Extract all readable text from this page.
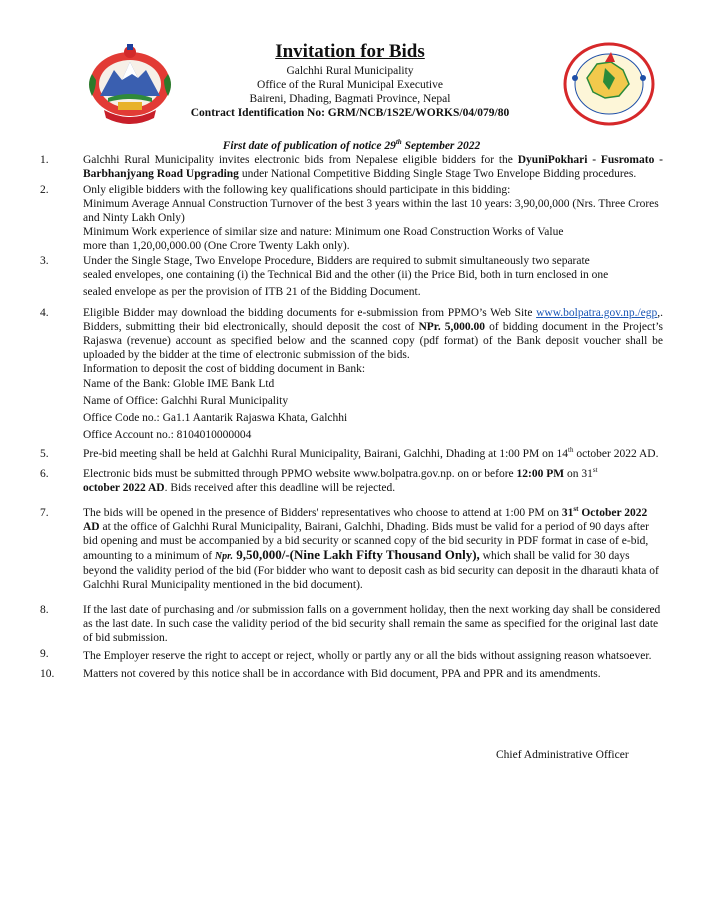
Invitation for Bids

Galchhi Rural Municipality

Office of the Rural Municipal Executive

Baireni, Dhading, Bagmati Province, Nepal

Contract Identification No: GRM/NCB/1S2E/WORKS/04/079/80

First date of publication of notice 29th September 2022
1.	Galchhi Rural Municipality invites electronic bids from Nepalese eligible bidders for the DyuniPokhari - Fusromato -Barbhanjyang Road Upgrading under National Competitive Bidding Single Stage Two Envelope Bidding procedures.

2.	Only eligible bidders with the following key qualifications should participate in this bidding:

Minimum Average Annual Construction Turnover of the best 3 years within the last 10 years: 3,90,00,000 (Nrs. Three Crores and Ninty Lakh Only)

Minimum Work experience of similar size and nature: Minimum one Road Construction Works of Value

more than 1,20,00,000.00 (One Crore Twenty Lakh only).

3.	Under the Single Stage, Two Envelope Procedure, Bidders are required to submit simultaneously two separate

sealed envelopes, one containing (i) the Technical Bid and the other (ii) the Price Bid, both in turn enclosed in one

sealed envelope as per the provision of ITB 21 of the Bidding Document.

4.	Eligible Bidder may download the bidding documents for e-submission from PPMO’s Web Site www.bolpatra.gov.np./egp,. Bidders, submitting their bid electronically, should deposit the cost of NPr. 5,000.00 of bidding document in the Project’s Rajaswa (revenue) account as specified below and the scanned copy (pdf format) of the Bank deposit voucher shall be uploaded by the bidder at the time of electronic submission of the bids.

Information to deposit the cost of bidding document in Bank:

Name of the Bank: Globle IME Bank Ltd

Name of Office: Galchhi Rural Municipality

Office Code no.: Ga1.1 Aantarik Rajaswa Khata, Galchhi

Office Account no.: 8104010000004

5.	Pre-bid meeting shall be held at Galchhi Rural Municipality, Bairani, Galchhi, Dhading at 1:00 PM on 14th october 2022 AD.

6.	Electronic bids must be submitted through PPMO website www.bolpatra.gov.np. on or before 12:00 PM on 31st
october 2022 AD. Bids received after this deadline will be rejected.

7.	The bids will be opened in the presence of Bidders' representatives who choose to attend at 1:00 PM on 31st October 2022 AD at the office of Galchhi Rural Municipality, Bairani, Galchhi, Dhading. Bids must be valid for a period of 90 days after bid opening and must be accompanied by a bid security or scanned copy of the bid security in PDF format in case of e-bid, amounting to a minimum of Npr. 9,50,000/-(Nine Lakh Fifty Thousand Only), which shall be valid for 30 days beyond the validity period of the bid (For bidder who want to deposit cash as bid security can deposit in the dharauti khata of Galchhi Rural Municipality mentioned in the bid document).

8.	If the last date of purchasing and /or submission falls on a government holiday, then the next working day shall be considered as the last date. In such case the validity period of the bid security shall remain the same as specified for the original last date of bid submission.

9.	The Employer reserve the right to accept or reject, wholly or partly any or all the bids without assigning reason whatsoever.

10. Matters not covered by this notice shall be in accordance with Bid document, PPA and PPR and its amendments.

Chief Administrative Officer
